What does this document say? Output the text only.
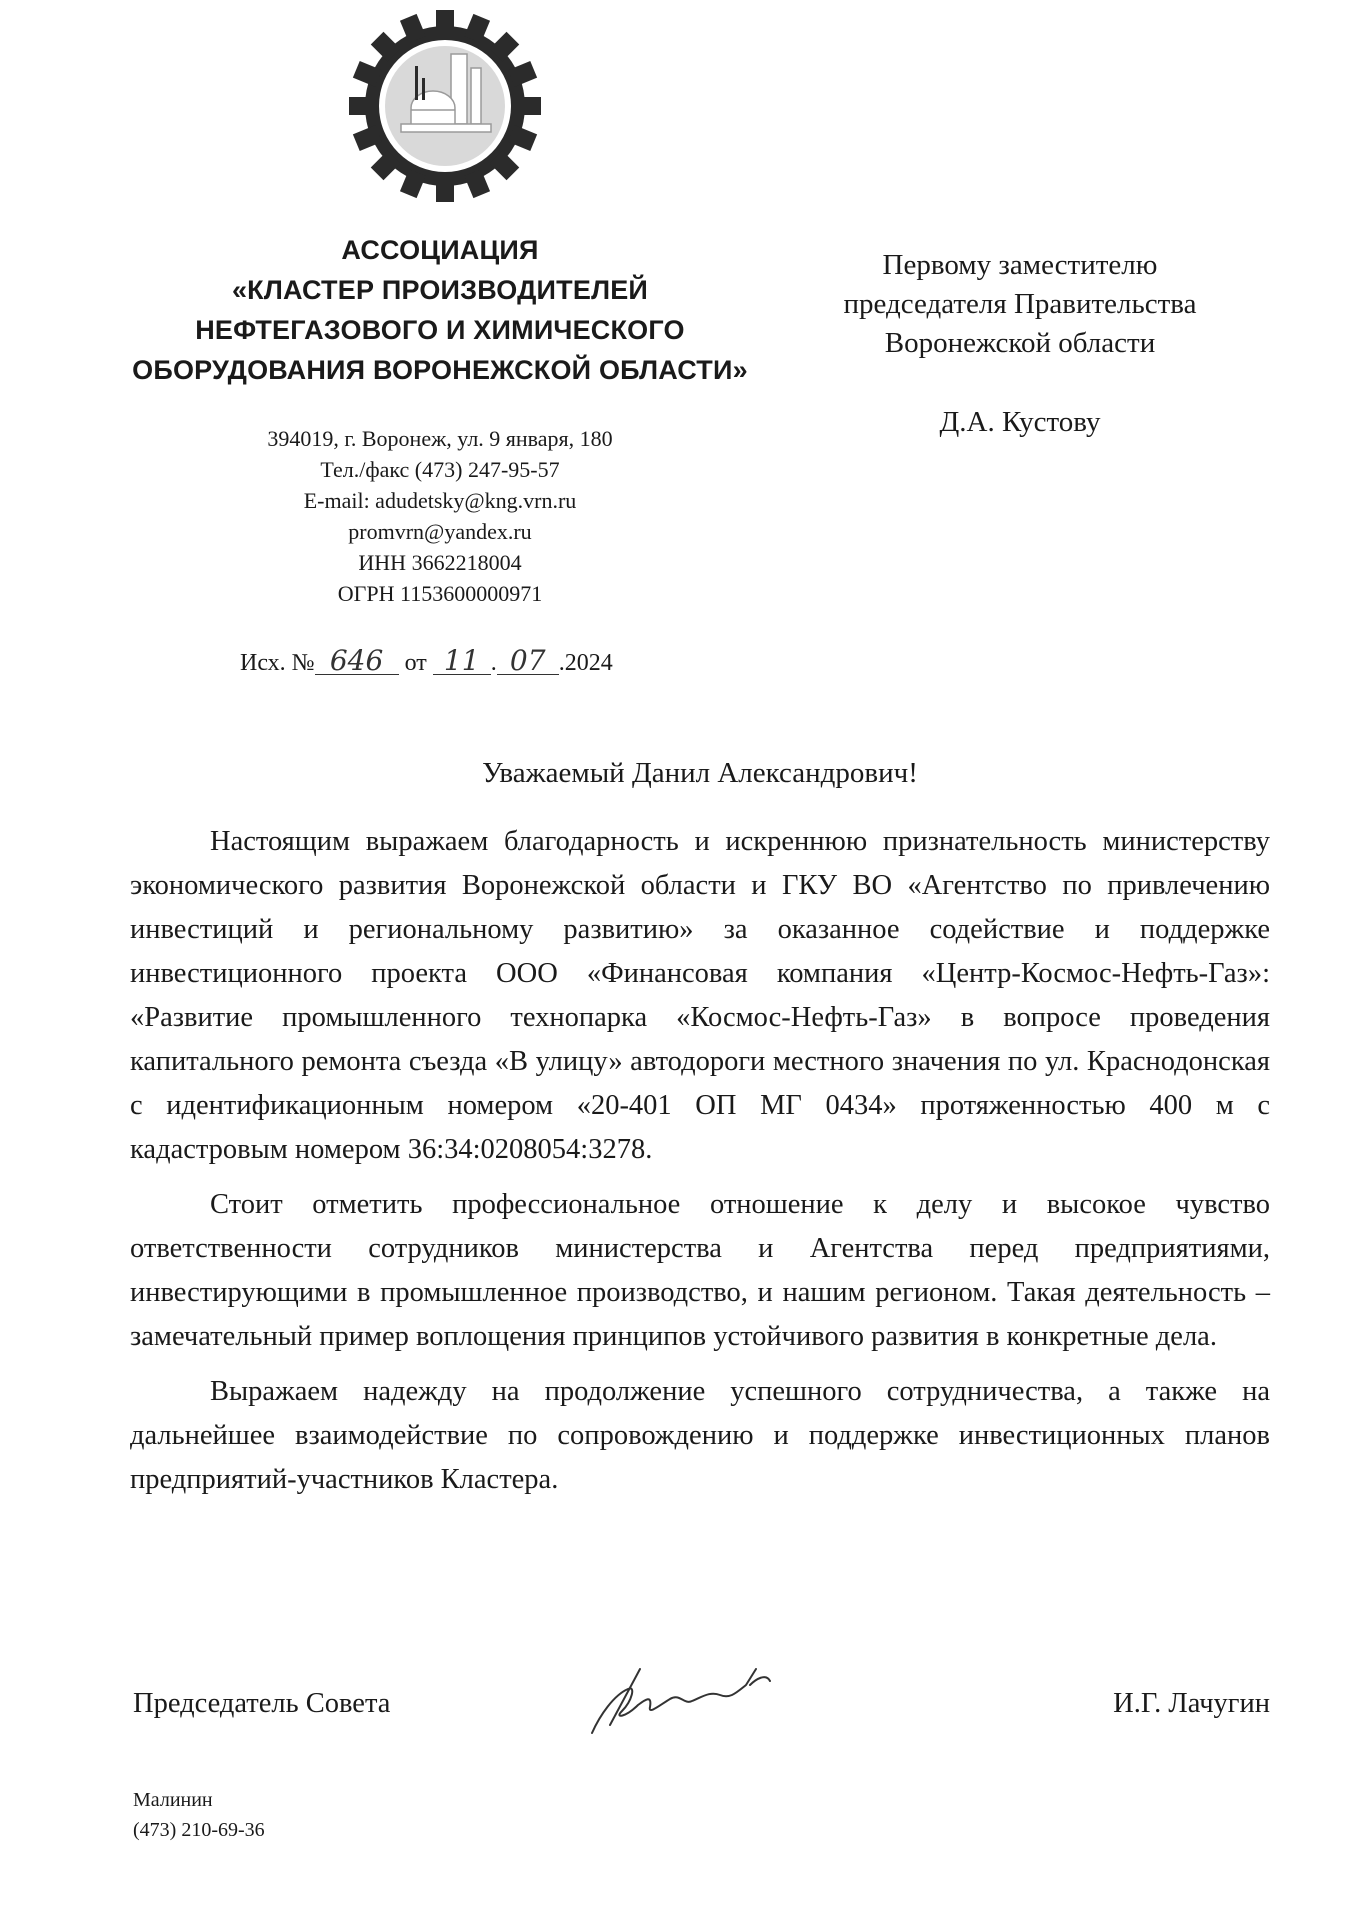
АССОЦИАЦИЯ
«КЛАСТЕР ПРОИЗВОДИТЕЛЕЙ
НЕФТЕГАЗОВОГО И ХИМИЧЕСКОГО
ОБОРУДОВАНИЯ ВОРОНЕЖСКОЙ ОБЛАСТИ»
394019, г. Воронеж, ул. 9 января, 180
Тел./факс (473) 247-95-57
E-mail: adudetsky@kng.vrn.ru
promvrn@yandex.ru
ИНН 3662218004
ОГРН 1153600000971
Исх. № 646 от 11 . 07 .2024
Первому заместителю
председателя Правительства
Воронежской области
Д.А. Кустову
Уважаемый Данил Александрович!

Настоящим выражаем благодарность и искреннюю признательность министерству экономического развития Воронежской области и ГКУ ВО «Агентство по привлечению инвестиций и региональному развитию» за оказанное содействие и поддержке инвестиционного проекта ООО «Финансовая компания «Центр-Космос-Нефть-Газ»: «Развитие промышленного технопарка «Космос-Нефть-Газ» в вопросе проведения капитального ремонта съезда «В улицу» автодороги местного значения по ул. Краснодонская с идентификационным номером «20-401 ОП МГ 0434» протяженностью 400 м с кадастровым номером 36:34:0208054:3278.

Стоит отметить профессиональное отношение к делу и высокое чувство ответственности сотрудников министерства и Агентства перед предприятиями, инвестирующими в промышленное производство, и нашим регионом. Такая деятельность – замечательный пример воплощения принципов устойчивого развития в конкретные дела.

Выражаем надежду на продолжение успешного сотрудничества, а также на дальнейшее взаимодействие по сопровождению и поддержке инвестиционных планов предприятий-участников Кластера.

Председатель Совета	И.Г. Лачугин
Малинин
(473) 210-69-36
